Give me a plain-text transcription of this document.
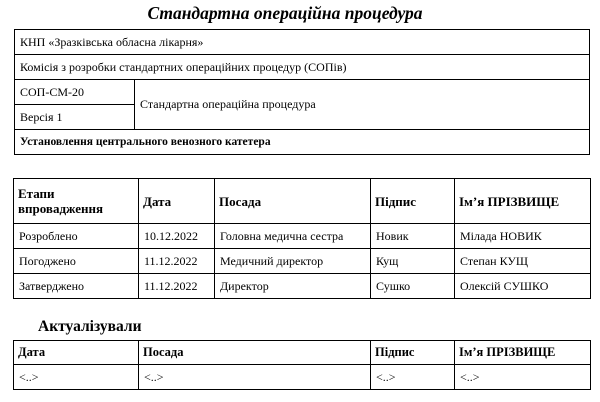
Стандартна операційна процедура
КНП «Зразківська обласна лікарня»
Комісія з розробки стандартних операційних процедур (СОПів)
СОП-СМ-20	Стандартна операційна процедура
Версія 1
Установлення центрального венозного катетера
Етапи впровадження	Дата	Посада	Підпис	Ім’я ПРІЗВИЩЕ
Розроблено	10.12.2022	Головна медична сестра	Новик	Мілада НОВИК
Погоджено	11.12.2022	Медичний директор	Кущ	Степан КУЩ
Затверджено	11.12.2022	Директор	Сушко	Олексій СУШКО
Актуалізували
Дата	Посада	Підпис	Ім’я ПРІЗВИЩЕ
<..>	<..>	<..>	<..>
